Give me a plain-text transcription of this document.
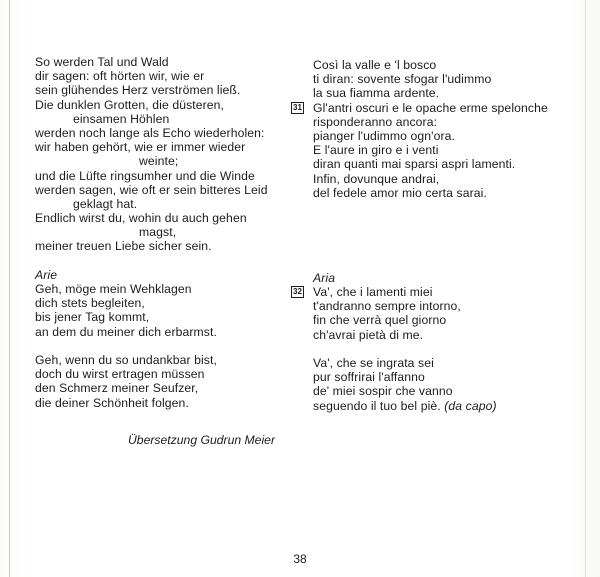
So werden Tal und Wald
dir sagen: oft hörten wir, wie er
sein glühendes Herz verströmen ließ.
Die dunklen Grotten, die düsteren,
einsamen Höhlen
werden noch lange als Echo wiederholen:
wir haben gehört, wie er immer wieder
weinte;
und die Lüfte ringsumher und die Winde
werden sagen, wie oft er sein bitteres Leid
geklagt hat.
Endlich wirst du, wohin du auch gehen
magst,
meiner treuen Liebe sicher sein.
Arie
Geh, möge mein Wehklagen
dich stets begleiten,
bis jener Tag kommt,
an dem du meiner dich erbarmst.
Geh, wenn du so undankbar bist,
doch du wirst ertragen müssen
den Schmerz meiner Seufzer,
die deiner Schönheit folgen.
Übersetzung Gudrun Meier
Così la valle e 'l bosco
ti diran: sovente sfogar l'udimmo
la sua fiamma ardente.
31 Gl'antri oscuri e le opache erme spelonche
risponderanno ancora:
pianger l'udimmo ogn'ora.
E l'aure in giro e i venti
diran quanti mai sparsi aspri lamenti.
Infin, dovunque andrai,
del fedele amor mio certa sarai.
Aria
32 Va', che i lamenti miei
t'andranno sempre intorno,
fin che verrà quel giorno
ch'avrai pietà di me.
Va', che se ingrata sei
pur soffrirai l'affanno
de' miei sospir che vanno
seguendo il tuo bel piè. (da capo)
38
